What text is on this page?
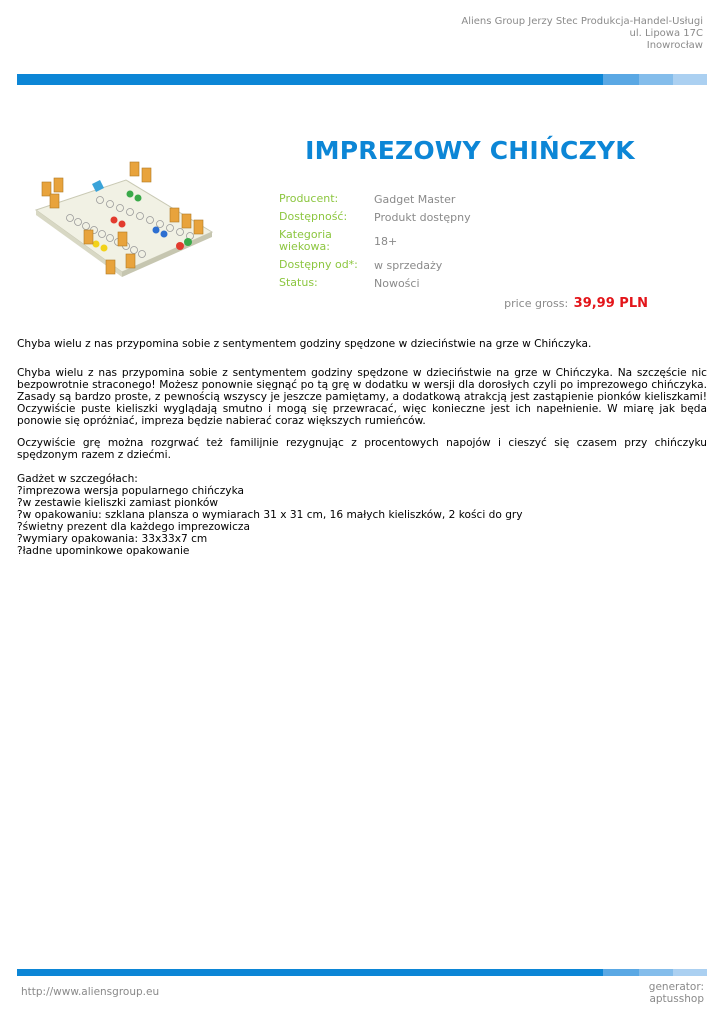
Aliens Group Jerzy Stec Produkcja-Handel-Usługi
ul. Lipowa 17C
Inowrocław
IMPREZOWY CHIŃCZYK
Producent:	Gadget Master
Dostępność:	Produkt dostępny
Kategoria wiekowa:	18+
Dostępny od*:	w sprzedaży
Status:	Nowości
price gross: 39,99 PLN
Chyba wielu z nas przypomina sobie z sentymentem godziny spędzone w dzieciństwie na grze w Chińczyka.
Chyba wielu z nas przypomina sobie z sentymentem godziny spędzone w dzieciństwie na grze w Chińczyka. Na szczęście nic bezpowrotnie straconego! Możesz ponownie sięgnąć po tą grę w dodatku w wersji dla dorosłych czyli po imprezowego chińczyka. Zasady są bardzo proste, z pewnością wszyscy je jeszcze pamiętamy, a dodatkową atrakcją jest zastąpienie pionków kieliszkami! Oczywiście puste kieliszki wyglądają smutno i mogą się przewracać, więc konieczne jest ich napełnienie. W miarę jak będa ponowie się opróżniać, impreza będzie nabierać coraz większych rumieńców.
Oczywiście grę można rozgrwać też familijnie rezygnując z procentowych napojów i cieszyć się czasem przy chińczyku spędzonym razem z dziećmi.
Gadżet w szczegółach:
?imprezowa wersja popularnego chińczyka
?w zestawie kieliszki zamiast pionków
?w opakowaniu: szklana plansza o wymiarach 31 x 31 cm, 16 małych kieliszków, 2 kości do gry
?świetny prezent dla każdego imprezowicza
?wymiary opakowania: 33x33x7 cm
?ładne upominkowe opakowanie
http://www.aliensgroup.eu	generator:
aptusshop
